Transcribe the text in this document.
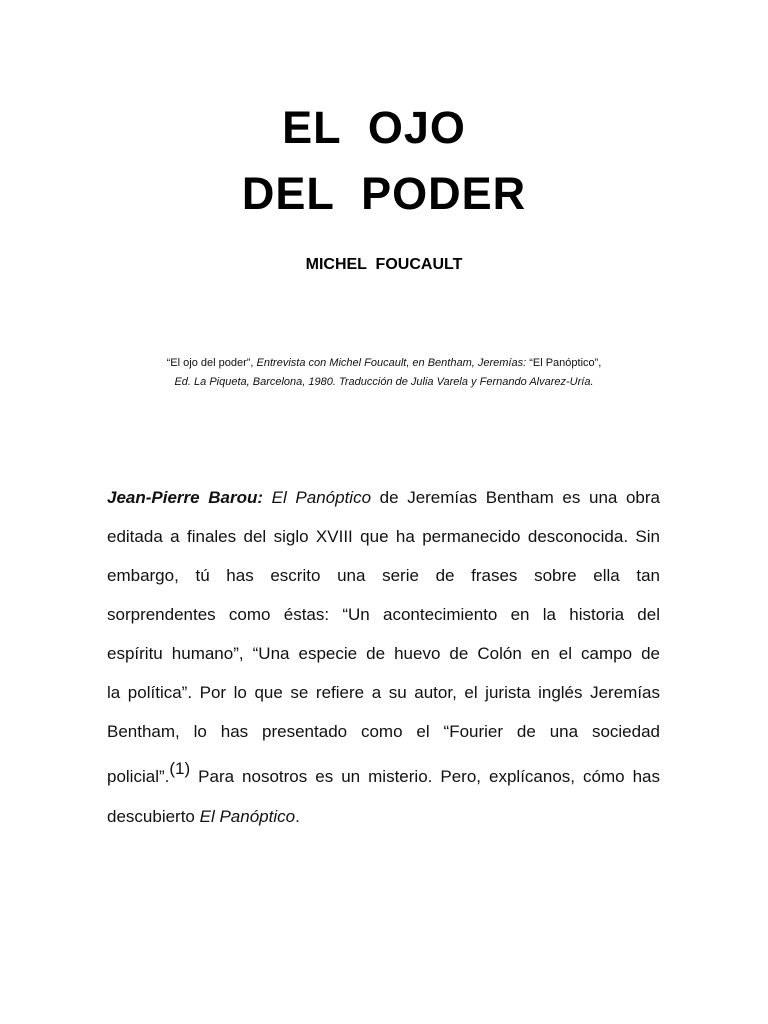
EL  OJO
DEL  PODER
MICHEL  FOUCAULT
“El ojo del poder”, Entrevista con Michel Foucault, en Bentham, Jeremías: “El Panóptico”,
Ed. La Piqueta, Barcelona, 1980. Traducción de Julia Varela y Fernando Alvarez-Uría.
Jean-Pierre Barou: El Panóptico de Jeremías Bentham es una obra
editada a finales del siglo XVIII que ha permanecido desconocida. Sin
embargo, tú has escrito una serie de frases sobre ella tan
sorprendentes como éstas: “Un acontecimiento en la historia del
espíritu humano”, “Una especie de huevo de Colón en el campo de
la política”. Por lo que se refiere a su autor, el jurista inglés Jeremías
Bentham, lo has presentado como el “Fourier de una sociedad
policial”.$^{(1)}$ Para nosotros es un misterio. Pero, explícanos, cómo has
descubierto El Panóptico.
